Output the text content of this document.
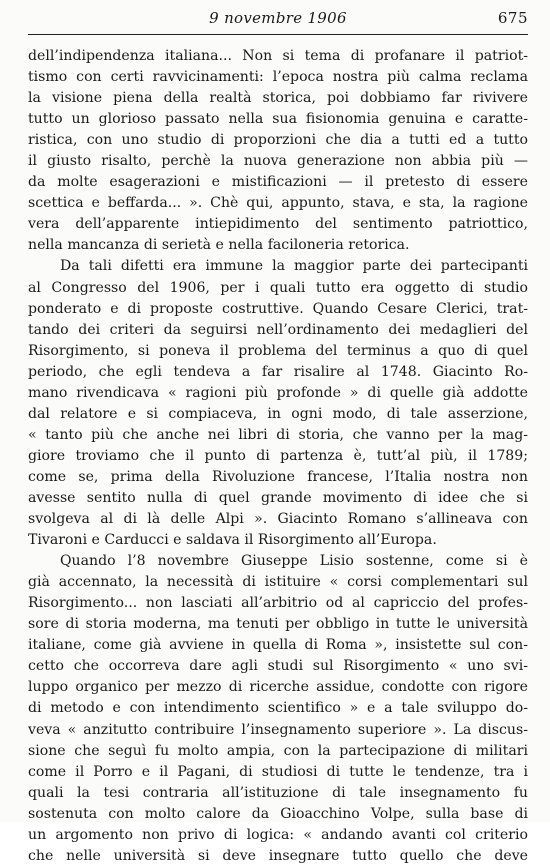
9 novembre 1906	675
dell’indipendenza italiana... Non si tema di profanare il patriot-
tismo con certi ravvicinamenti: l’epoca nostra più calma reclama
la visione piena della realtà storica, poi dobbiamo far rivivere
tutto un glorioso passato nella sua fisionomia genuina e caratte-
ristica, con uno studio di proporzioni che dia a tutti ed a tutto
il giusto risalto, perchè la nuova generazione non abbia più —
da molte esagerazioni e mistificazioni — il pretesto di essere
scettica e beffarda... ». Chè qui, appunto, stava, e sta, la ragione
vera dell’apparente intiepidimento del sentimento patriottico,
nella mancanza di serietà e nella faciloneria retorica.
Da tali difetti era immune la maggior parte dei partecipanti
al Congresso del 1906, per i quali tutto era oggetto di studio
ponderato e di proposte costruttive. Quando Cesare Clerici, trat-
tando dei criteri da seguirsi nell’ordinamento dei medaglieri del
Risorgimento, si poneva il problema del terminus a quo di quel
periodo, che egli tendeva a far risalire al 1748. Giacinto Ro-
mano rivendicava « ragioni più profonde » di quelle già addotte
dal relatore e si compiaceva, in ogni modo, di tale asserzione,
« tanto più che anche nei libri di storia, che vanno per la mag-
giore troviamo che il punto di partenza è, tutt’al più, il 1789;
come se, prima della Rivoluzione francese, l’Italia nostra non
avesse sentito nulla di quel grande movimento di idee che si
svolgeva al di là delle Alpi ». Giacinto Romano s’allineava con
Tivaroni e Carducci e saldava il Risorgimento all’Europa.
Quando l’8 novembre Giuseppe Lisio sostenne, come si è
già accennato, la necessità di istituire « corsi complementari sul
Risorgimento... non lasciati all’arbitrio od al capriccio del profes-
sore di storia moderna, ma tenuti per obbligo in tutte le università
italiane, come già avviene in quella di Roma », insistette sul con-
cetto che occorreva dare agli studi sul Risorgimento « uno svi-
luppo organico per mezzo di ricerche assidue, condotte con rigore
di metodo e con intendimento scientifico » e a tale sviluppo do-
veva « anzitutto contribuire l’insegnamento superiore ». La discus-
sione che seguì fu molto ampia, con la partecipazione di militari
come il Porro e il Pagani, di studiosi di tutte le tendenze, tra i
quali la tesi contraria all’istituzione di tale insegnamento fu
sostenuta con molto calore da Gioacchino Volpe, sulla base di
un argomento non privo di logica: « andando avanti col criterio
che nelle università si deve insegnare tutto quello che deve
